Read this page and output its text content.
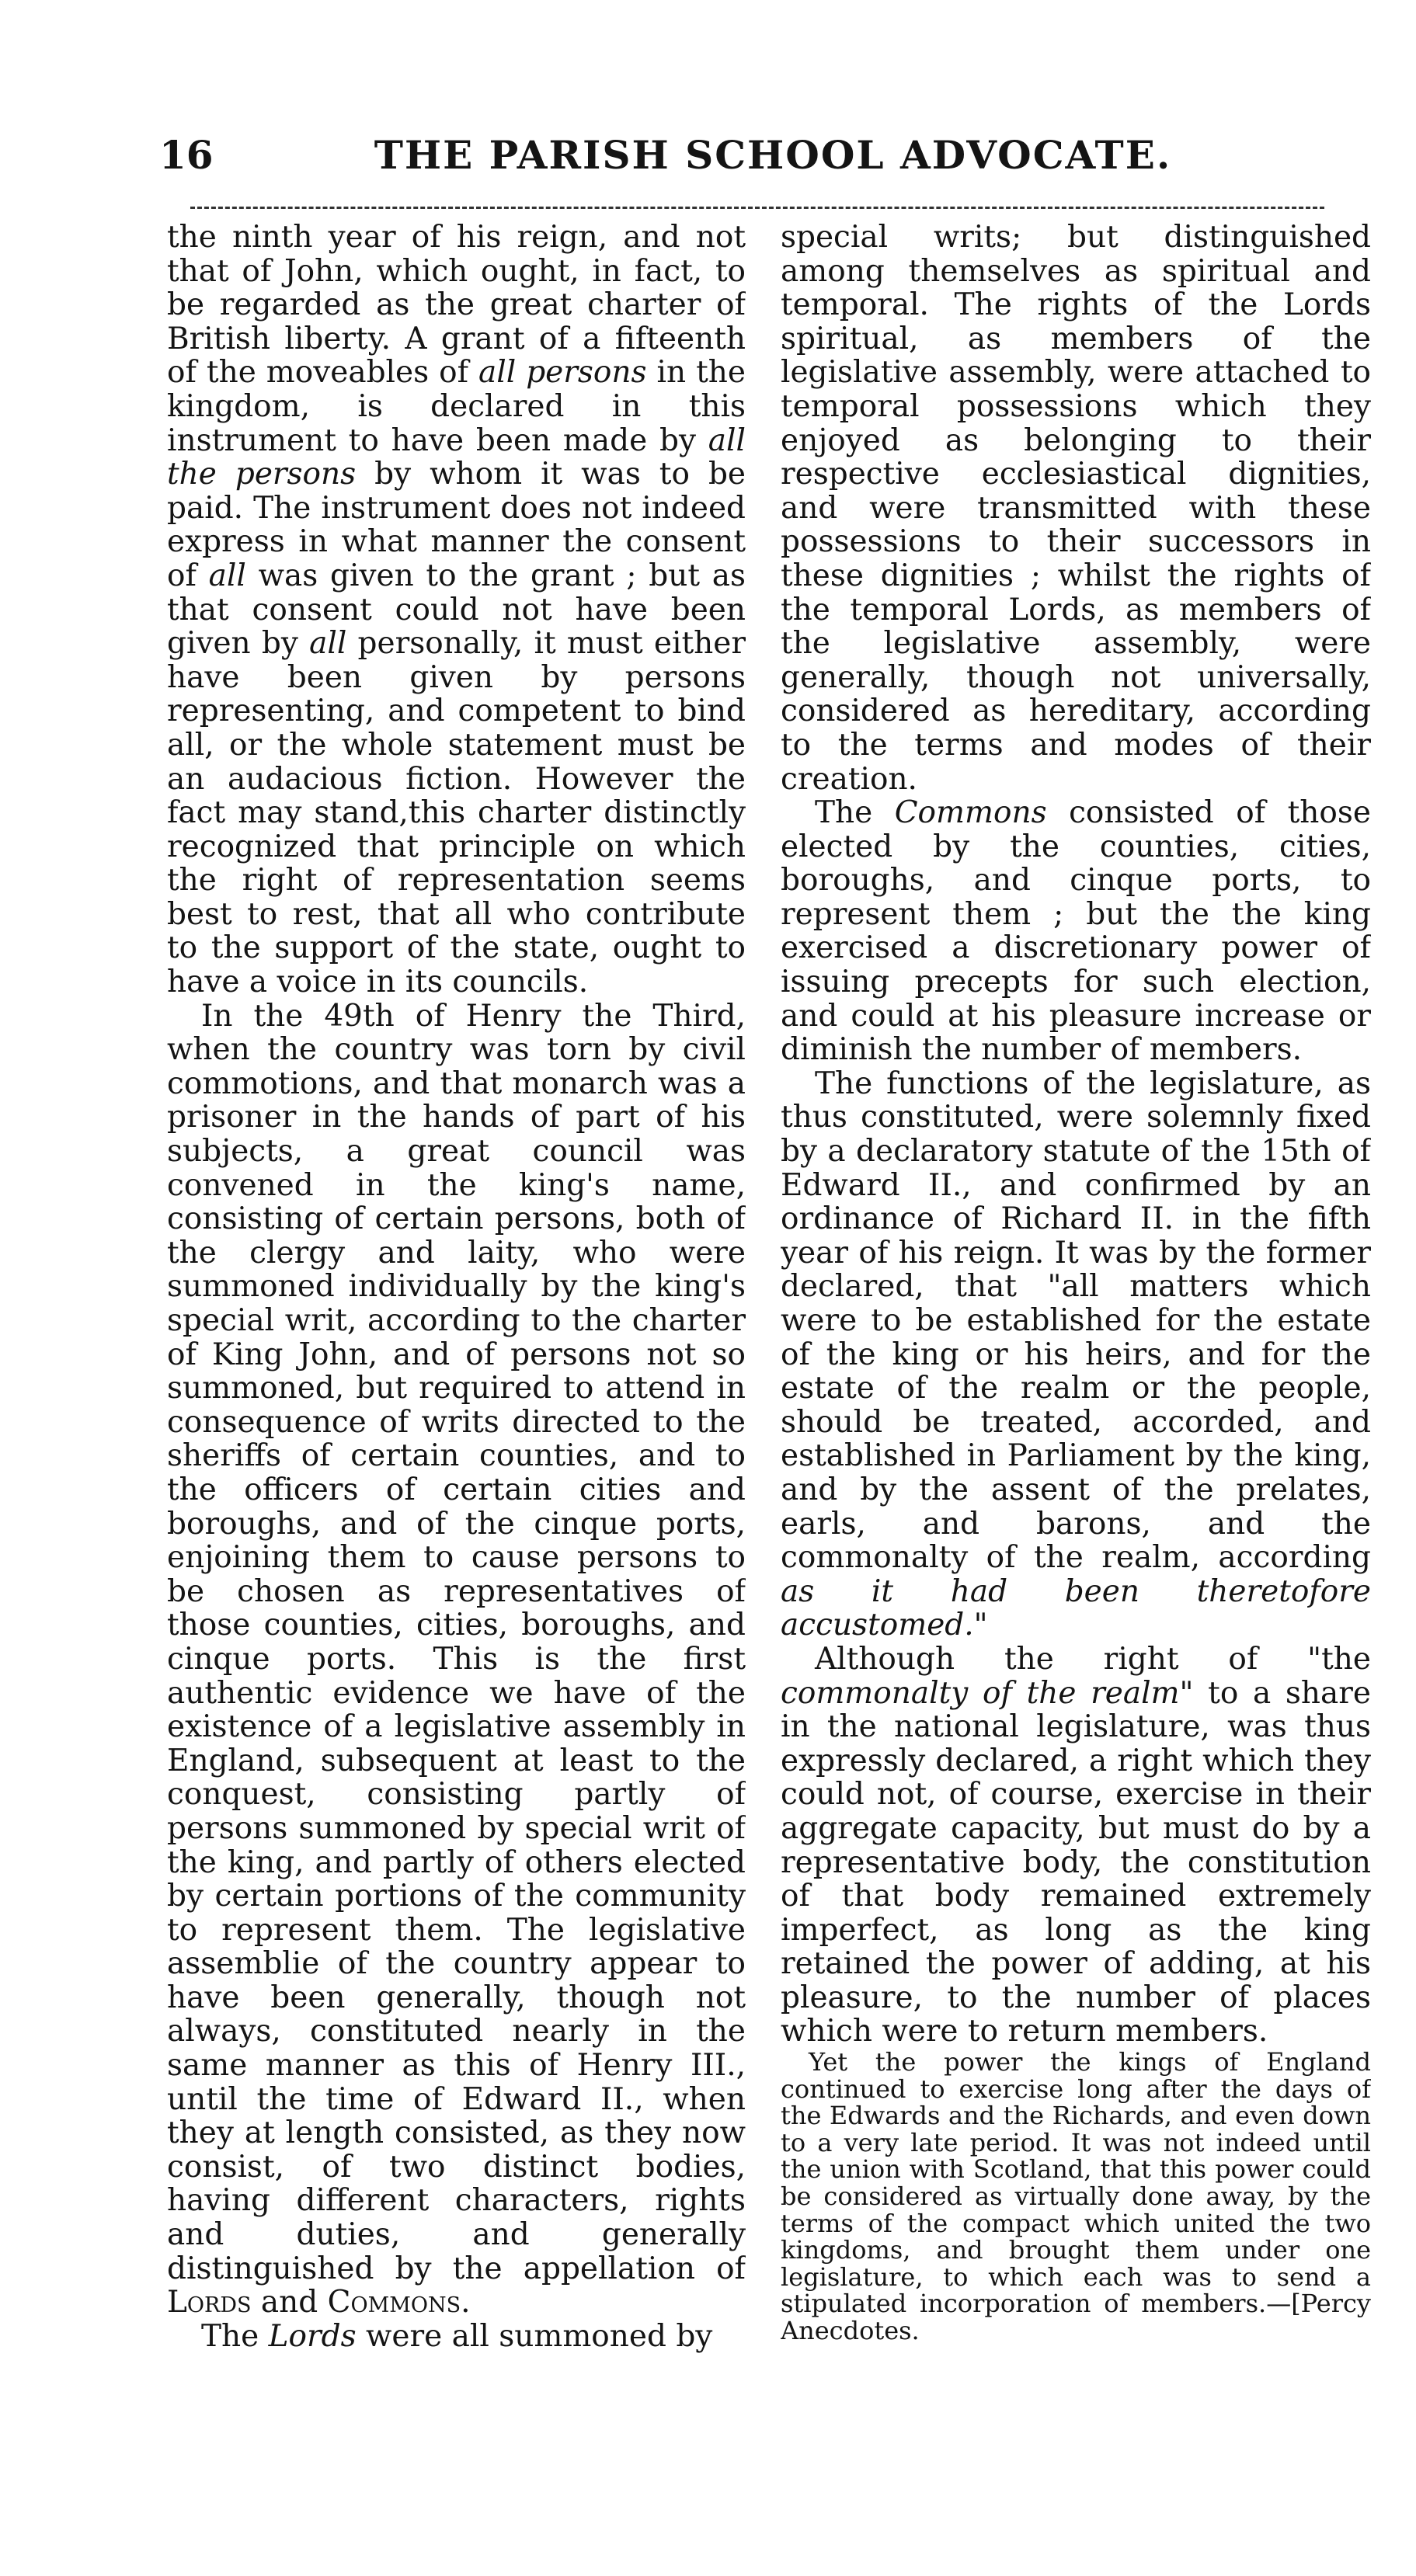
16	THE PARISH SCHOOL ADVOCATE.

the ninth year of his reign, and not that of John, which ought, in fact, to be regarded as the great charter of British liberty. A grant of a fifteenth of the moveables of all persons in the kingdom, is declared in this instrument to have been made by all the persons by whom it was to be paid. The instrument does not indeed express in what manner the consent of all was given to the grant ; but as that consent could not have been given by all personally, it must either have been given by persons representing, and competent to bind all, or the whole statement must be an audacious fiction. However the fact may stand,this charter distinctly recognized that principle on which the right of representation seems best to rest, that all who contribute to the support of the state, ought to have a voice in its councils.

In the 49th of Henry the Third, when the country was torn by civil commotions, and that monarch was a prisoner in the hands of part of his subjects, a great council was convened in the king's name, consisting of certain persons, both of the clergy and laity, who were summoned individually by the king's special writ, according to the charter of King John, and of persons not so summoned, but required to attend in consequence of writs directed to the sheriffs of certain counties, and to the officers of certain cities and boroughs, and of the cinque ports, enjoining them to cause persons to be chosen as representatives of those counties, cities, boroughs, and cinque ports. This is the first authentic evidence we have of the existence of a legislative assembly in England, subsequent at least to the conquest, consisting partly of persons summoned by special writ of the king, and partly of others elected by certain portions of the community to represent them. The legislative assemblie of the country appear to have been generally, though not always, constituted nearly in the same manner as this of Henry III., until the time of Edward II., when they at length consisted, as they now consist, of two distinct bodies, having different characters, rights and duties, and generally distinguished by the appellation of Lords and Commons.

The Lords were all summoned by

special writs; but distinguished among themselves as spiritual and temporal. The rights of the Lords spiritual, as members of the legislative assembly, were attached to temporal possessions which they enjoyed as belonging to their respective ecclesiastical dignities, and were transmitted with these possessions to their successors in these dignities ; whilst the rights of the temporal Lords, as members of the legislative assembly, were generally, though not universally, considered as hereditary, according to the terms and modes of their creation.

The Commons consisted of those elected by the counties, cities, boroughs, and cinque ports, to represent them ; but the the king exercised a discretionary power of issuing precepts for such election, and could at his pleasure increase or diminish the number of members.

The functions of the legislature, as thus constituted, were solemnly fixed by a declaratory statute of the 15th of Edward II., and confirmed by an ordinance of Richard II. in the fifth year of his reign. It was by the former declared, that "all matters which were to be established for the estate of the king or his heirs, and for the estate of the realm or the people, should be treated, accorded, and established in Parliament by the king, and by the assent of the prelates, earls, and barons, and the commonalty of the realm, according as it had been theretofore accustomed."

Although the right of "the commonalty of the realm" to a share in the national legislature, was thus expressly declared, a right which they could not, of course, exercise in their aggregate capacity, but must do by a representative body, the constitution of that body remained extremely imperfect, as long as the king retained the power of adding, at his pleasure, to the number of places which were to return members.

Yet the power the kings of England continued to exercise long after the days of the Edwards and the Richards, and even down to a very late period. It was not indeed until the union with Scotland, that this power could be considered as virtually done away, by the terms of the compact which united the two kingdoms, and brought them under one legislature, to which each was to send a stipulated incorporation of members.—[Percy Anecdotes.
